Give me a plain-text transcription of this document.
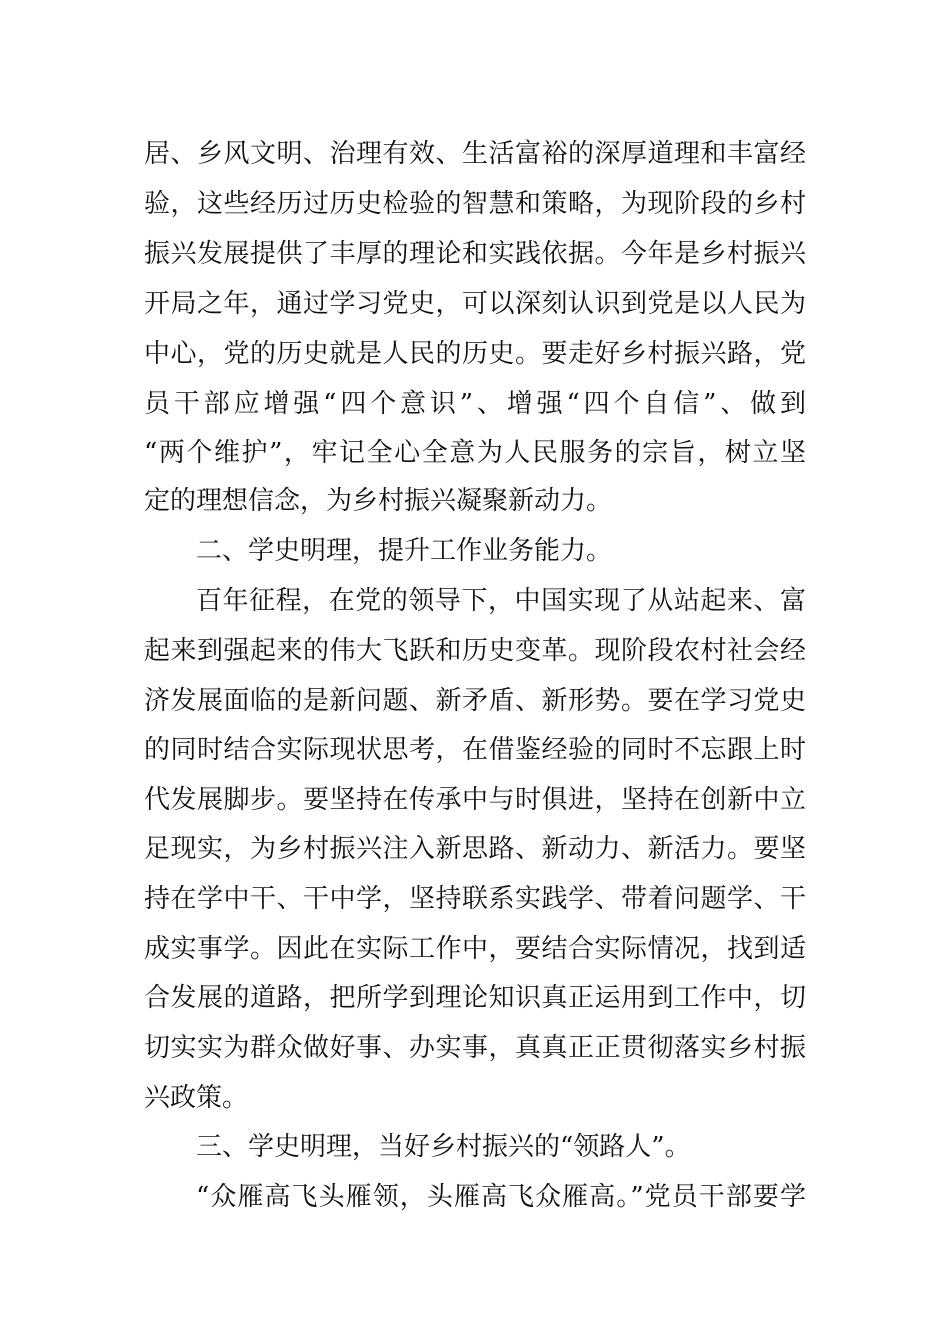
居、乡风文明、治理有效、生活富裕的深厚道理和丰富经
验，这些经历过历史检验的智慧和策略，为现阶段的乡村
振兴发展提供了丰厚的理论和实践依据。今年是乡村振兴
开局之年，通过学习党史，可以深刻认识到党是以人民为
中心，党的历史就是人民的历史。要走好乡村振兴路，党
员干部应增强“四个意识”、增强“四个自信”、做到
“两个维护”，牢记全心全意为人民服务的宗旨，树立坚
定的理想信念，为乡村振兴凝聚新动力。
二、学史明理，提升工作业务能力。
百年征程，在党的领导下，中国实现了从站起来、富
起来到强起来的伟大飞跃和历史变革。现阶段农村社会经
济发展面临的是新问题、新矛盾、新形势。要在学习党史
的同时结合实际现状思考，在借鉴经验的同时不忘跟上时
代发展脚步。要坚持在传承中与时俱进，坚持在创新中立
足现实，为乡村振兴注入新思路、新动力、新活力。要坚
持在学中干、干中学，坚持联系实践学、带着问题学、干
成实事学。因此在实际工作中，要结合实际情况，找到适
合发展的道路，把所学到理论知识真正运用到工作中，切
切实实为群众做好事、办实事，真真正正贯彻落实乡村振
兴政策。
三、学史明理，当好乡村振兴的“领路人”。
“众雁高飞头雁领，头雁高飞众雁高。”党员干部要学
